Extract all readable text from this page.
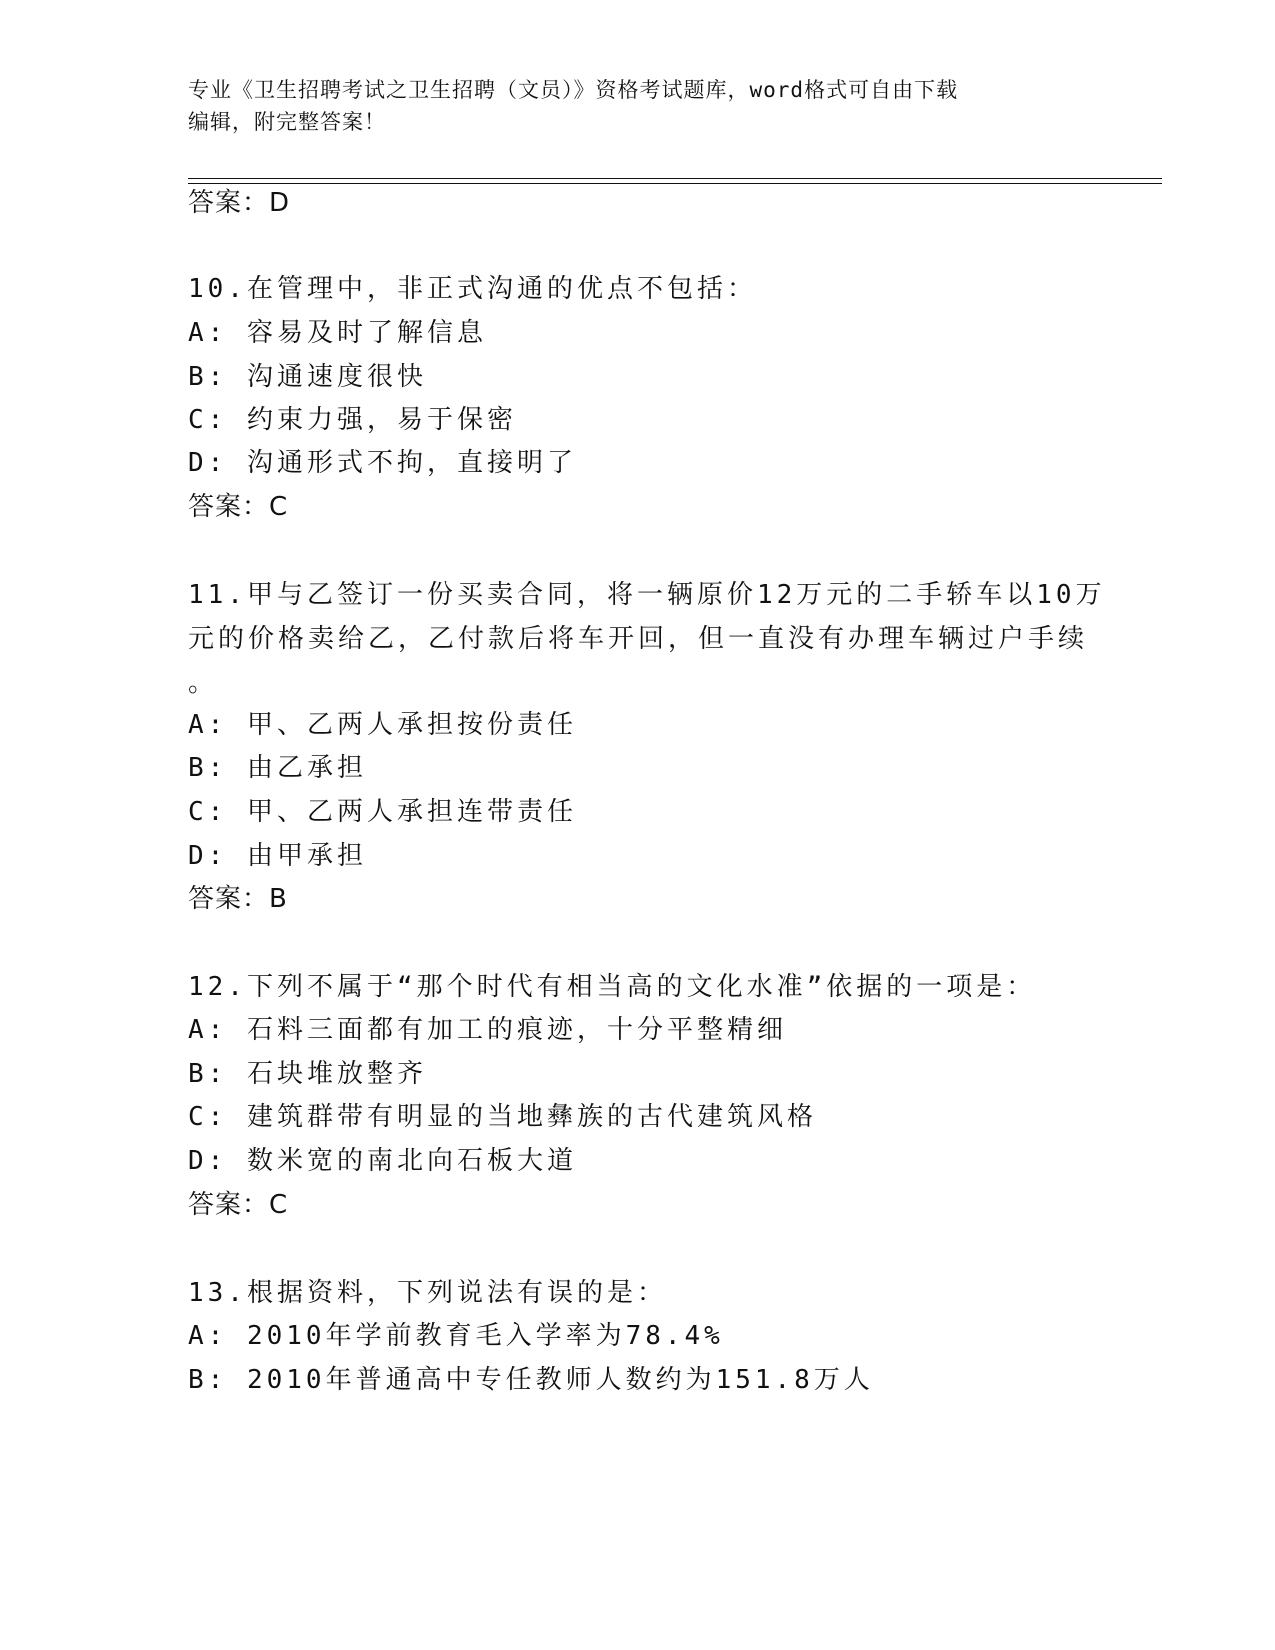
专业《卫生招聘考试之卫生招聘（文员）》资格考试题库，word格式可自由下载
编辑，附完整答案！
答案：D
10.在管理中，非正式沟通的优点不包括：
A: 容易及时了解信息
B: 沟通速度很快
C: 约束力强，易于保密
D: 沟通形式不拘，直接明了
答案：C
11.甲与乙签订一份买卖合同，将一辆原价12万元的二手轿车以10万
元的价格卖给乙，乙付款后将车开回，但一直没有办理车辆过户手续
。
A: 甲、乙两人承担按份责任
B: 由乙承担
C: 甲、乙两人承担连带责任
D: 由甲承担
答案：B
12.下列不属于“那个时代有相当高的文化水准”依据的一项是：
A: 石料三面都有加工的痕迹，十分平整精细
B: 石块堆放整齐
C: 建筑群带有明显的当地彝族的古代建筑风格
D: 数米宽的南北向石板大道
答案：C
13.根据资料，下列说法有误的是：
A: 2010年学前教育毛入学率为78.4%
B: 2010年普通高中专任教师人数约为151.8万人
